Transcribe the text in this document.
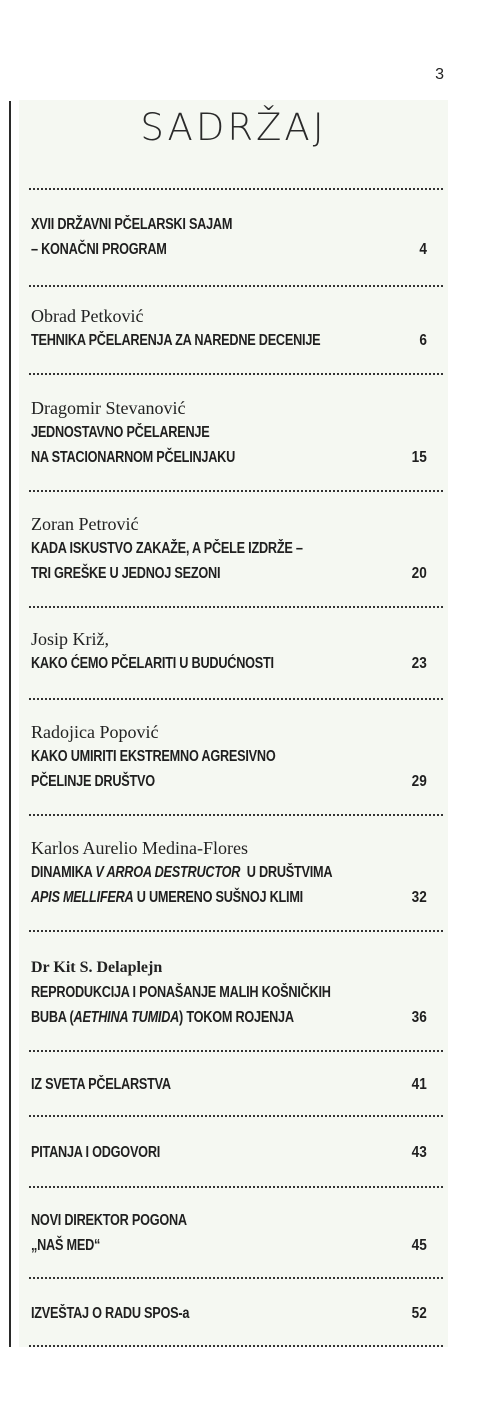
3
SADRŽAJ
XVII DRŽAVNI PČELARSKI SAJAM
– KONAČNI PROGRAM	4
Obrad Petković
TEHNIKA PČELARENJA ZA NAREDNE DECENIJE	6
Dragomir Stevanović
JEDNOSTAVNO PČELARENJE
NA STACIONARNOM PČELINJAKU	15
Zoran Petrović
KADA ISKUSTVO ZAKAŽE, A PČELE IZDRŽE –
TRI GREŠKE U JEDNOJ SEZONI	20
Josip Križ,
KAKO ĆEMO PČELARITI U BUDUĆNOSTI	23
Radojica Popović
KAKO UMIRITI EKSTREMNO AGRESIVNO
PČELINJE DRUŠTVO	29
Karlos Aurelio Medina-Flores
DINAMIKA V ARROA DESTRUCTOR  U DRUŠTVIMA
APIS MELLIFERA U UMERENO SUŠNOJ KLIMI	32
Dr Kit S. Delaplejn
REPRODUKCIJA I PONAŠANJE MALIH KOŠNIČKIH
BUBA (AETHINA TUMIDA) TOKOM ROJENJA	36
IZ SVETA PČELARSTVA	41
PITANJA I ODGOVORI	43
NOVI DIREKTOR POGONA
„NAŠ MED“	45
IZVEŠTAJ O RADU SPOS-a	52
